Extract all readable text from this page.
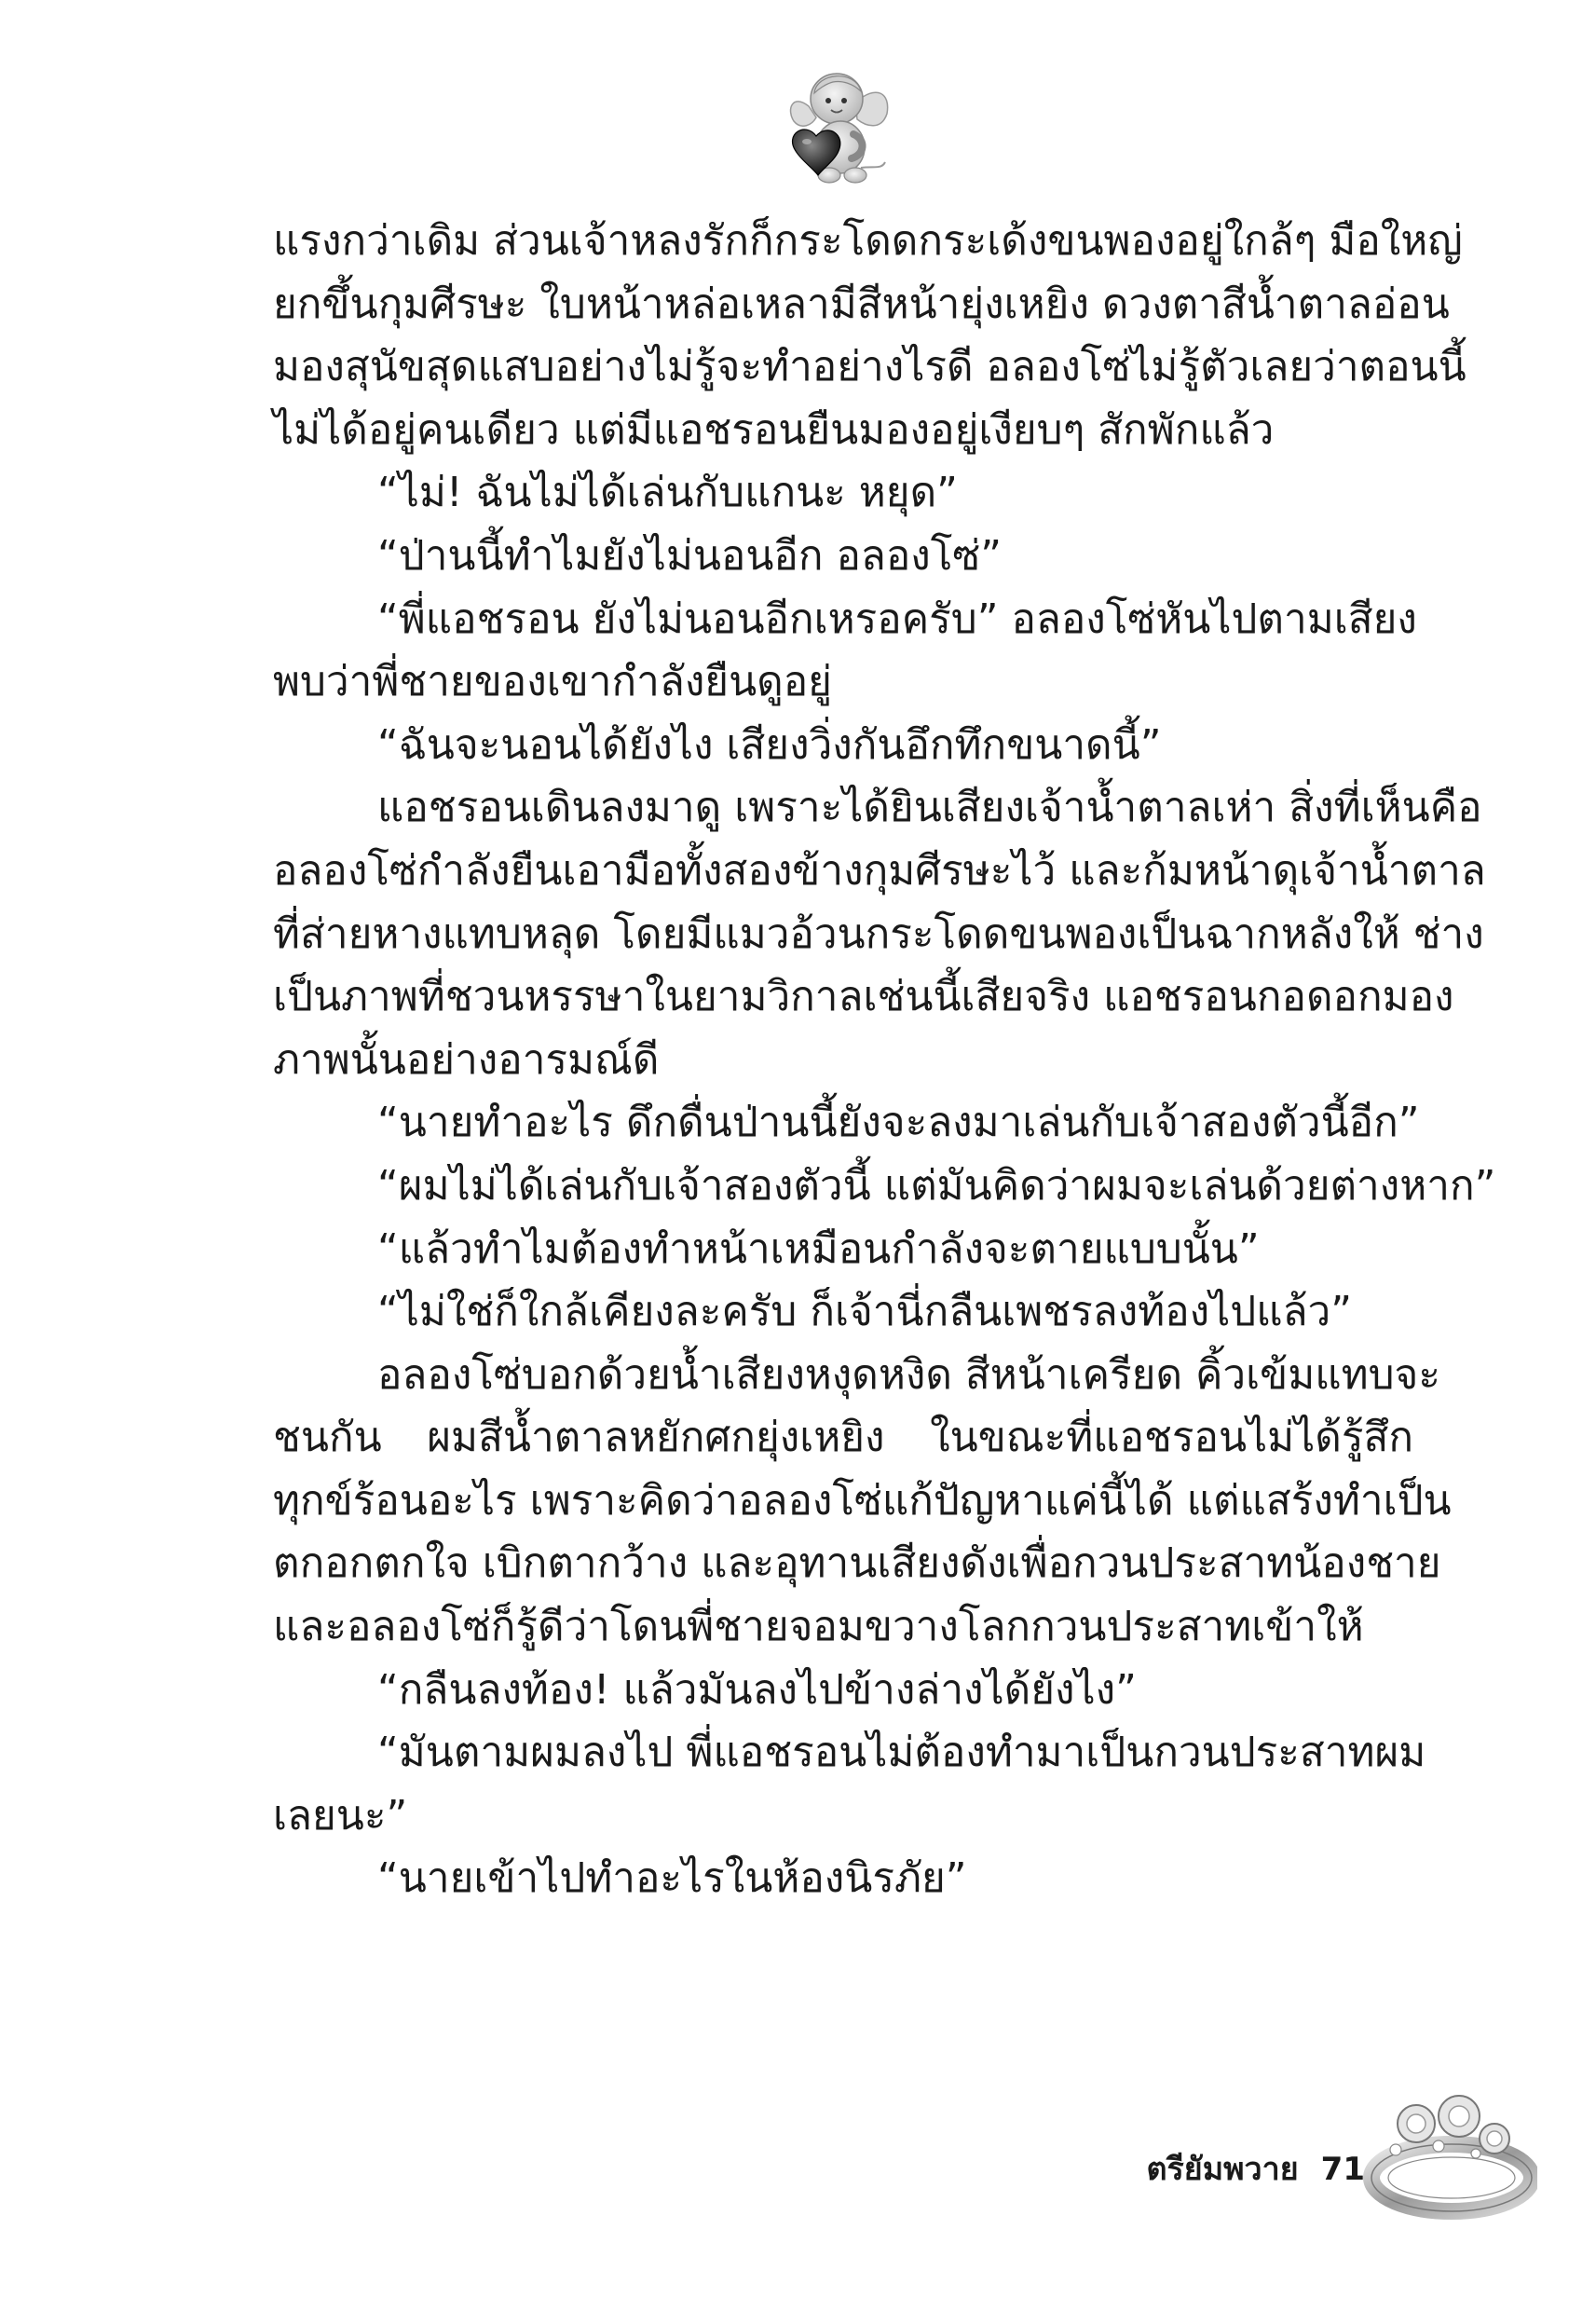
แรงกว่าเดิม ส่วนเจ้าหลงรักก็กระโดดกระเด้งขนพองอยู่ใกล้ๆ มือใหญ่
ยกขึ้นกุมศีรษะ ใบหน้าหล่อเหลามีสีหน้ายุ่งเหยิง ดวงตาสีน้ำตาลอ่อน
มองสุนัขสุดแสบอย่างไม่รู้จะทำอย่างไรดี อลองโซ่ไม่รู้ตัวเลยว่าตอนนี้
ไม่ได้อยู่คนเดียว แต่มีแอชรอนยืนมองอยู่เงียบๆ สักพักแล้ว
“ไม่! ฉันไม่ได้เล่นกับแกนะ หยุด”
“ป่านนี้ทำไมยังไม่นอนอีก อลองโซ่”
“พี่แอชรอน ยังไม่นอนอีกเหรอครับ” อลองโซ่หันไปตามเสียง
พบว่าพี่ชายของเขากำลังยืนดูอยู่
“ฉันจะนอนได้ยังไง เสียงวิ่งกันอึกทึกขนาดนี้”
แอชรอนเดินลงมาดู เพราะได้ยินเสียงเจ้าน้ำตาลเห่า สิ่งที่เห็นคือ
อลองโซ่กำลังยืนเอามือทั้งสองข้างกุมศีรษะไว้ และก้มหน้าดุเจ้าน้ำตาล
ที่ส่ายหางแทบหลุด โดยมีแมวอ้วนกระโดดขนพองเป็นฉากหลังให้ ช่าง
เป็นภาพที่ชวนหรรษาในยามวิกาลเช่นนี้เสียจริง แอชรอนกอดอกมอง
ภาพนั้นอย่างอารมณ์ดี
“นายทำอะไร ดึกดื่นป่านนี้ยังจะลงมาเล่นกับเจ้าสองตัวนี้อีก”
“ผมไม่ได้เล่นกับเจ้าสองตัวนี้ แต่มันคิดว่าผมจะเล่นด้วยต่างหาก”
“แล้วทำไมต้องทำหน้าเหมือนกำลังจะตายแบบนั้น”
“ไม่ใช่ก็ใกล้เคียงละครับ ก็เจ้านี่กลืนเพชรลงท้องไปแล้ว”
อลองโซ่บอกด้วยน้ำเสียงหงุดหงิด สีหน้าเครียด คิ้วเข้มแทบจะ
ชนกัน ผมสีน้ำตาลหยักศกยุ่งเหยิง ในขณะที่แอชรอนไม่ได้รู้สึก
ทุกข์ร้อนอะไร เพราะคิดว่าอลองโซ่แก้ปัญหาแค่นี้ได้ แต่แสร้งทำเป็น
ตกอกตกใจ เบิกตากว้าง และอุทานเสียงดังเพื่อกวนประสาทน้องชาย
และอลองโซ่ก็รู้ดีว่าโดนพี่ชายจอมขวางโลกกวนประสาทเข้าให้
“กลืนลงท้อง! แล้วมันลงไปข้างล่างได้ยังไง”
“มันตามผมลงไป พี่แอชรอนไม่ต้องทำมาเป็นกวนประสาทผม
เลยนะ”
“นายเข้าไปทำอะไรในห้องนิรภัย”
ตรียัมพวาย 71
